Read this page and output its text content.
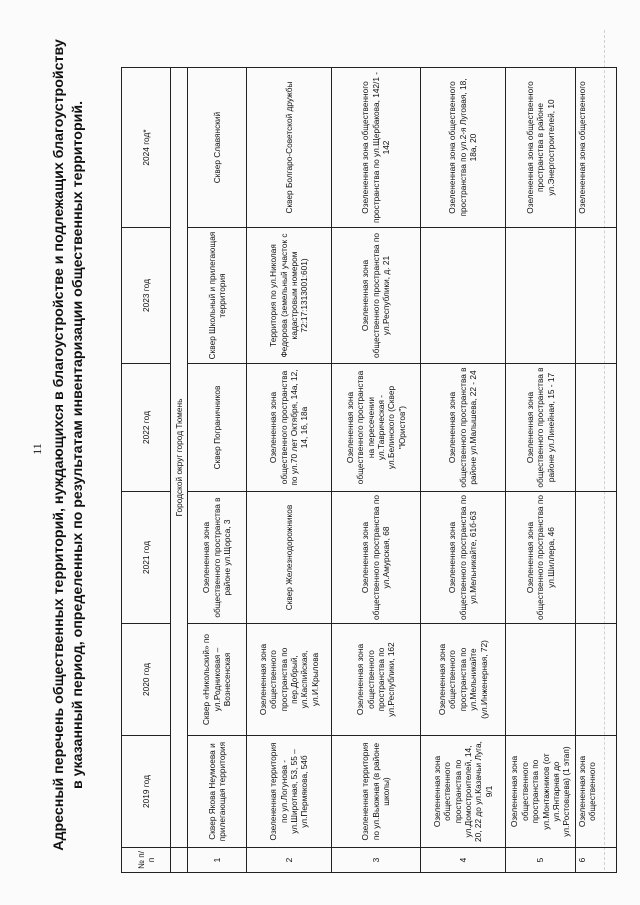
11 Адресный перечень общественных территорий, нуждающихся в благоустройстве и подлежащих благоустройству в указанный период, определенных по результатам инвентаризации общественных территорий.
№ п/п	2019 год	2020 год	2021 год	2022 год	2023 год	2024 год*
	Городской округ город Тюмень					
1	Сквер Якова Неумоева и прилегающая территория	Сквер «Никольский» по ул.Родниковая – Вознесенская	Озелененная зона общественного пространства в районе ул.Щорса, 3	Сквер Пограничников	Сквер Школьный и прилегающая территория	Сквер Славянский
2	Озелененная территория по ул.Логунова - ул.Широтная, 53, 55 – ул.Пермякова, 54б	Озелененная зона общественного пространства по пер.Добрый, ул.Каспийская, ул.И.Крылова	Сквер Железнодорожников	Озелененная зона общественного пространства по ул.70 лет Октября, 14а, 12, 14, 16, 18а	Территория по ул.Николая Федорова (земельный участок с кадастровым номером 72:17:1313001:601)	Сквер Болгаро-Советской дружбы
3	Озелененная территория по ул.Вьюжная (в районе школы)	Озелененная зона общественного пространства по ул.Республики, 162	Озелененная зона общественного пространства по ул.Амурская, 68	Озелененная зона общественного пространства на пересечении ул.Таврическая - ул.Белинского (Сквер "Юристов")	Озелененная зона общественного пространства по ул.Республики, д. 21	Озелененная зона общественного пространства по ул.Щербакова, 142/1 - 142
4	Озелененная зона общественного пространства по ул.Домостроителей, 14, 20, 22 до ул.Казачьи Луга, 9/1	Озелененная зона общественного пространства по ул.Мельникайте (ул.Инженерная, 72)	Озелененная зона общественного пространства по ул.Мельникайте, 61б-63	Озелененная зона общественного пространства в районе ул.Малышева, 22 - 24		Озелененная зона общественного пространства по ул.2-я Луговая, 18, 18а, 20
5	Озелененная зона общественного пространства по ул.Монтажников (от ул.Янтарная до ул.Ростовцева) (1 этап)		Озелененная зона общественного пространства по ул.Шиллера, 46	Озелененная зона общественного пространства в районе ул.Линейная, 15 - 17		Озелененная зона общественного пространства в районе ул.Энергостроителей, 10
6	Озелененная зона общественного					Озелененная зона общественного
